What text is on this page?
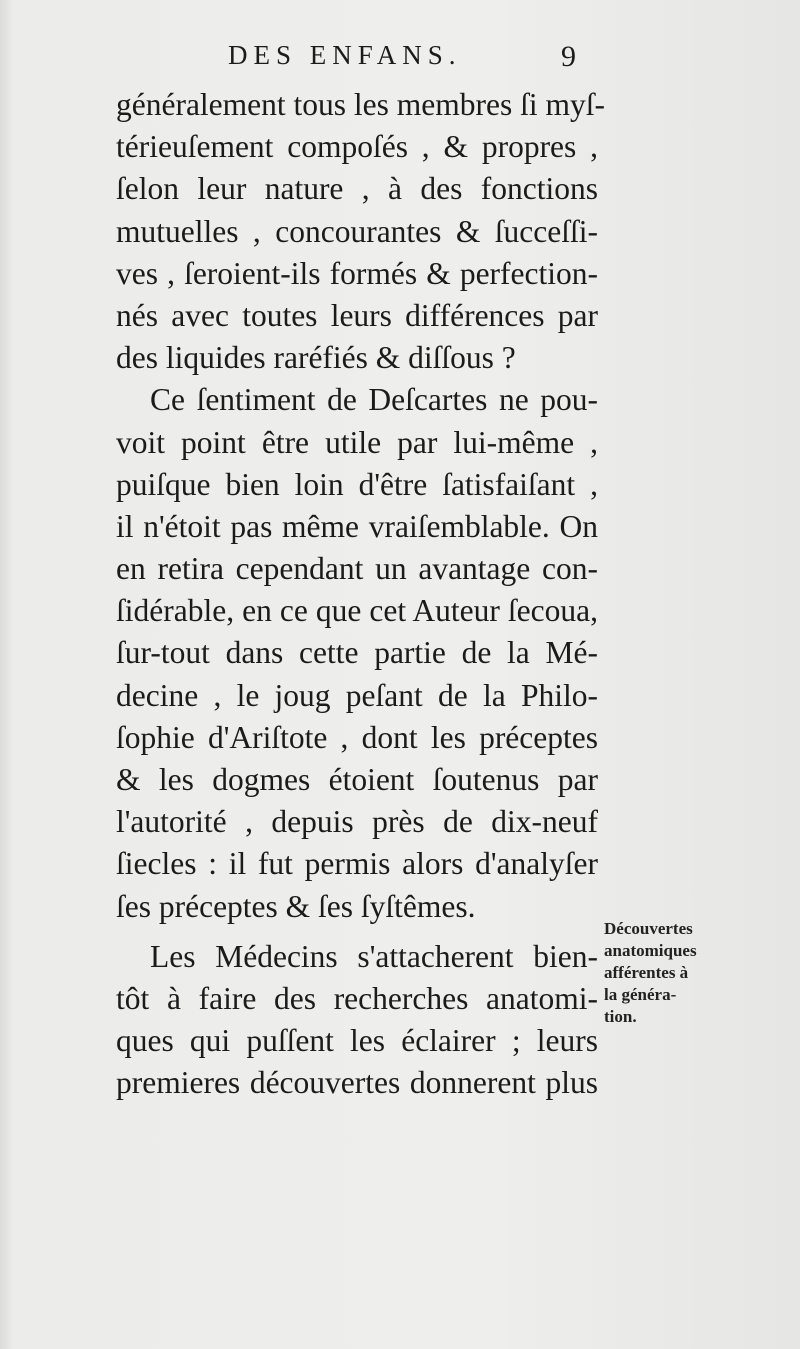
DES ENFANS.	9
généralement tous les membres ſi myſ-
térieuſement compoſés , & propres ,
ſelon leur nature , à des fonctions
mutuelles , concourantes & ſucceſſi-
ves , ſeroient-ils formés & perfection-
nés avec toutes leurs différences par
des liquides raréfiés & diſſous ?
Ce ſentiment de Deſcartes ne pou-
voit point être utile par lui-même ,
puiſque bien loin d'être ſatisfaiſant ,
il n'étoit pas même vraiſemblable. On
en retira cependant un avantage con-
ſidérable, en ce que cet Auteur ſecoua,
ſur-tout dans cette partie de la Mé-
decine , le joug peſant de la Philo-
ſophie d'Ariſtote , dont les préceptes
& les dogmes étoient ſoutenus par
l'autorité , depuis près de dix-neuf
ſiecles : il fut permis alors d'analyſer
ſes préceptes & ſes ſyſtêmes.
Les Médecins s'attacherent bien-
tôt à faire des recherches anatomi-
ques qui puſſent les éclairer ; leurs
premieres découvertes donnerent plus
Découvertes
anatomiques
afférentes à
la généra-
tion.
